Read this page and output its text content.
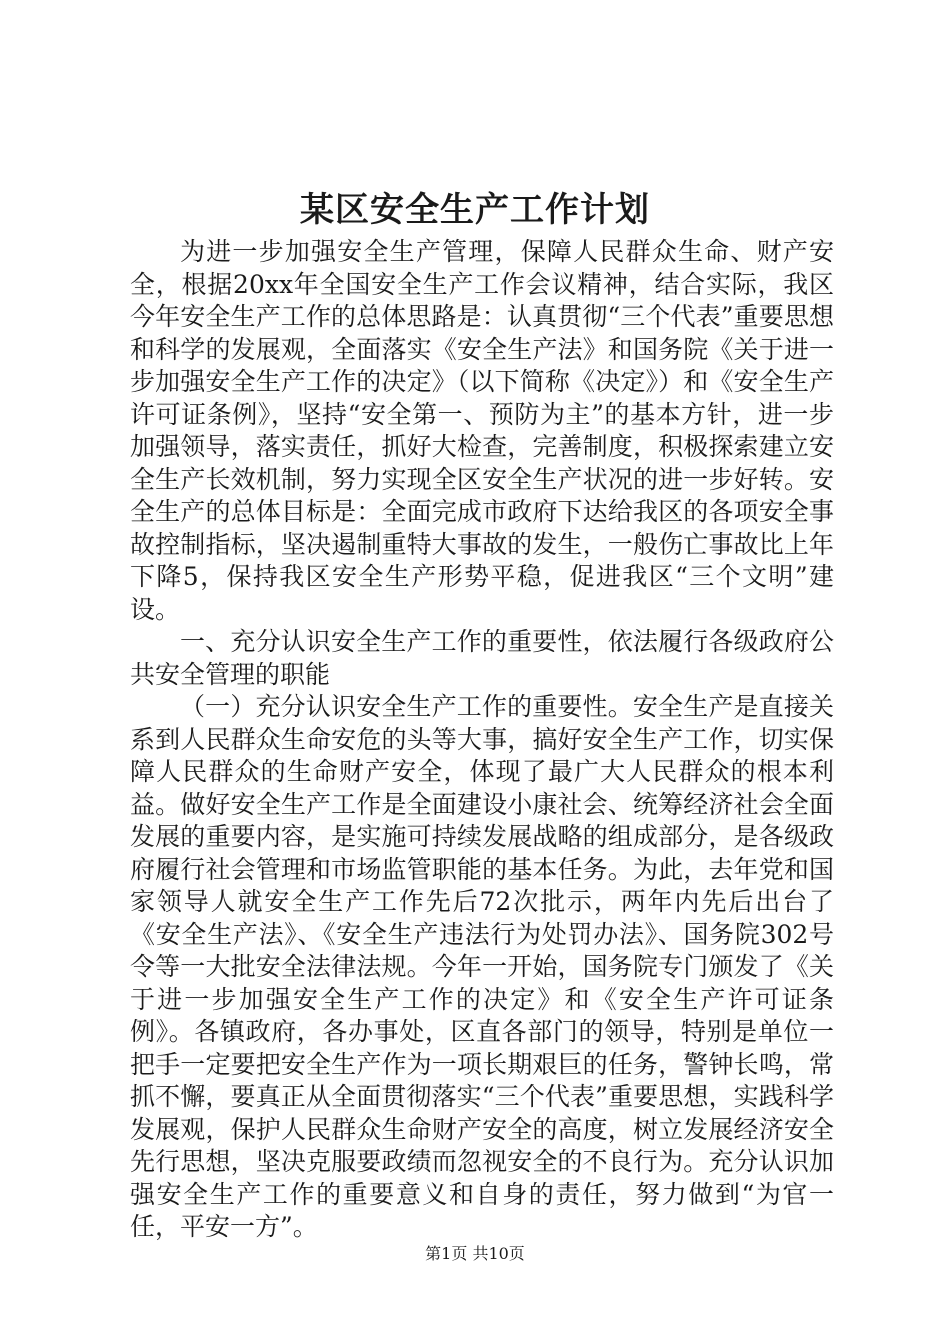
某区安全生产工作计划

为进一步加强安全生产管理，保障人民群众生命、财产安全，根据20xx年全国安全生产工作会议精神，结合实际，我区今年安全生产工作的总体思路是：认真贯彻“三个代表”重要思想和科学的发展观，全面落实《安全生产法》和国务院《关于进一步加强安全生产工作的决定》（以下简称《决定》）和《安全生产许可证条例》，坚持“安全第一、预防为主”的基本方针，进一步加强领导，落实责任，抓好大检查，完善制度，积极探索建立安全生产长效机制，努力实现全区安全生产状况的进一步好转。安全生产的总体目标是：全面完成市政府下达给我区的各项安全事故控制指标，坚决遏制重特大事故的发生，一般伤亡事故比上年下降5，保持我区安全生产形势平稳，促进我区“三个文明”建设。

一、充分认识安全生产工作的重要性，依法履行各级政府公共安全管理的职能

（一）充分认识安全生产工作的重要性。安全生产是直接关系到人民群众生命安危的头等大事，搞好安全生产工作，切实保障人民群众的生命财产安全，体现了最广大人民群众的根本利益。做好安全生产工作是全面建设小康社会、统筹经济社会全面发展的重要内容，是实施可持续发展战略的组成部分，是各级政府履行社会管理和市场监管职能的基本任务。为此，去年党和国家领导人就安全生产工作先后72次批示，两年内先后出台了《安全生产法》、《安全生产违法行为处罚办法》、国务院302号令等一大批安全法律法规。今年一开始，国务院专门颁发了《关于进一步加强安全生产工作的决定》和《安全生产许可证条例》。各镇政府，各办事处，区直各部门的领导，特别是单位一把手一定要把安全生产作为一项长期艰巨的任务，警钟长鸣，常抓不懈，要真正从全面贯彻落实“三个代表”重要思想，实践科学发展观，保护人民群众生命财产安全的高度，树立发展经济安全先行思想，坚决克服要政绩而忽视安全的不良行为。充分认识加强安全生产工作的重要意义和自身的责任，努力做到“为官一任，平安一方”。

第1页 共10页
